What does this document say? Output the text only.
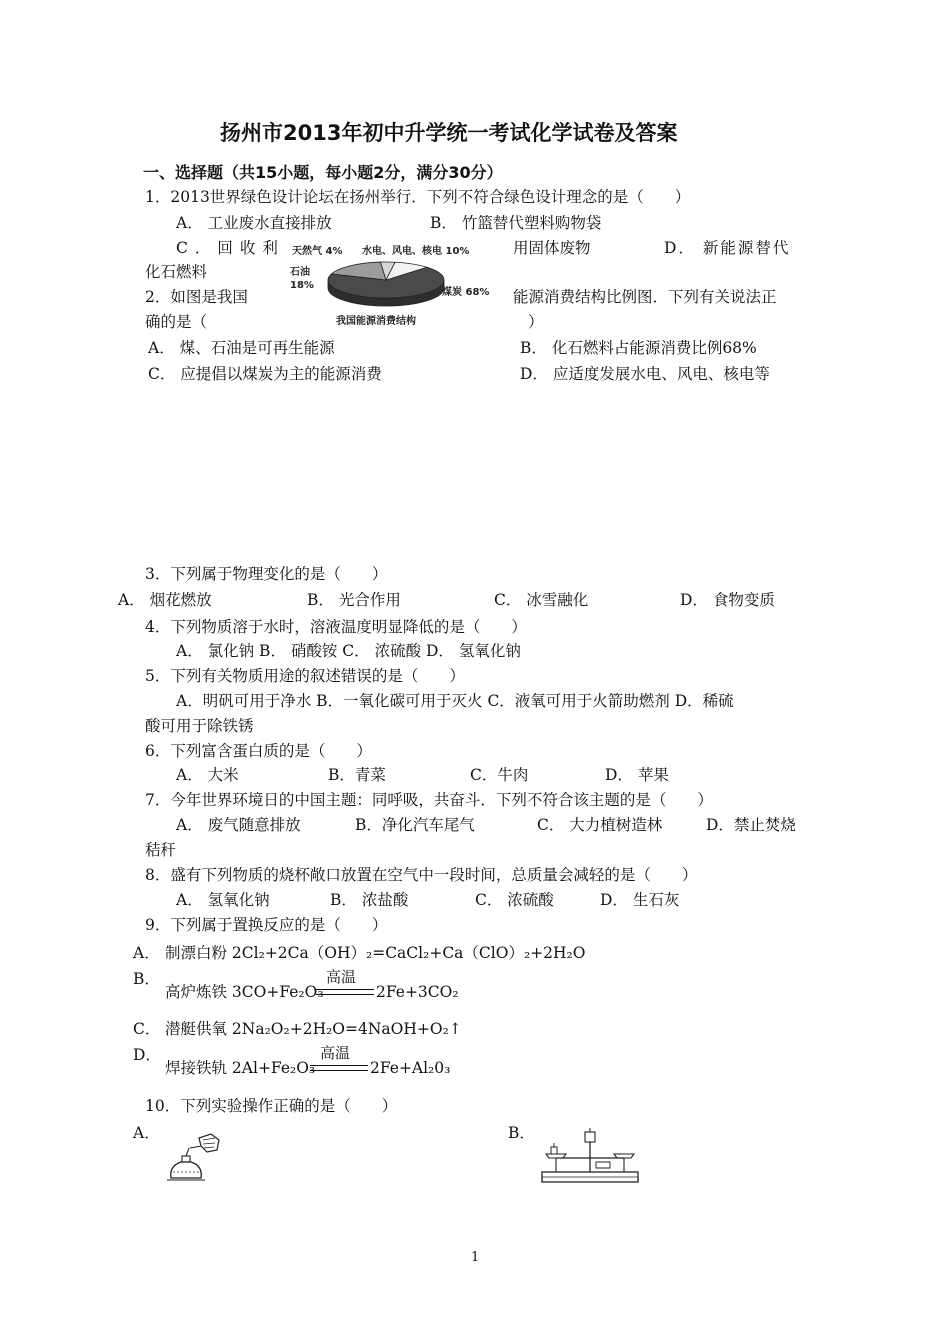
扬州市2013年初中升学统一考试化学试卷及答案
一、选择题（共15小题，每小题2分，满分30分）
1．2013世界绿色设计论坛在扬州举行．下列不符合绿色设计理念的是（　　）
A． 工业废水直接排放	B． 竹篮替代塑料购物袋
C．回收利	用固体废物	D． 新能源替代
化石燃料
2．如图是我国	能源消费结构比例图．下列有关说法正
确的是（	）
天然气 4% 水电、风电、核电 10%
石油
18%
煤炭 68%
我国能源消费结构
A． 煤、石油是可再生能源	B． 化石燃料占能源消费比例68%
C． 应提倡以煤炭为主的能源消费	D． 应适度发展水电、风电、核电等
3．下列属于物理变化的是（　　）
A． 烟花燃放	B． 光合作用	C． 冰雪融化	D． 食物变质
4．下列物质溶于水时，溶液温度明显降低的是（　　）
A． 氯化钠 B． 硝酸铵 C． 浓硫酸 D． 氢氧化钠
5．下列有关物质用途的叙述错误的是（　　）
A．明矾可用于净水 B．一氧化碳可用于灭火 C．液氧可用于火箭助燃剂 D．稀硫
酸可用于除铁锈
6．下列富含蛋白质的是（　　）
A． 大米	B．青菜	C．牛肉	D． 苹果
7．今年世界环境日的中国主题：同呼吸，共奋斗．下列不符合该主题的是（　　）
A． 废气随意排放	B．净化汽车尾气	C． 大力植树造林	D．禁止焚烧
秸秆
8．盛有下列物质的烧杯敞口放置在空气中一段时间，总质量会减轻的是（　　）
A． 氢氧化钠	B． 浓盐酸	C． 浓硫酸	D． 生石灰
9．下列属于置换反应的是（　　）
A． 制漂白粉 2Cl₂+2Ca（OH）₂=CaCl₂+Ca（ClO）₂+2H₂O
B．
高炉炼铁 3CO+Fe₂O₃
高温
2Fe+3CO₂
C． 潜艇供氧 2Na₂O₂+2H₂O=4NaOH+O₂↑
D．
焊接铁轨 2Al+Fe₂O₃
高温
2Fe+Al₂0₃
10．下列实验操作正确的是（　　）
A．	B．
1
